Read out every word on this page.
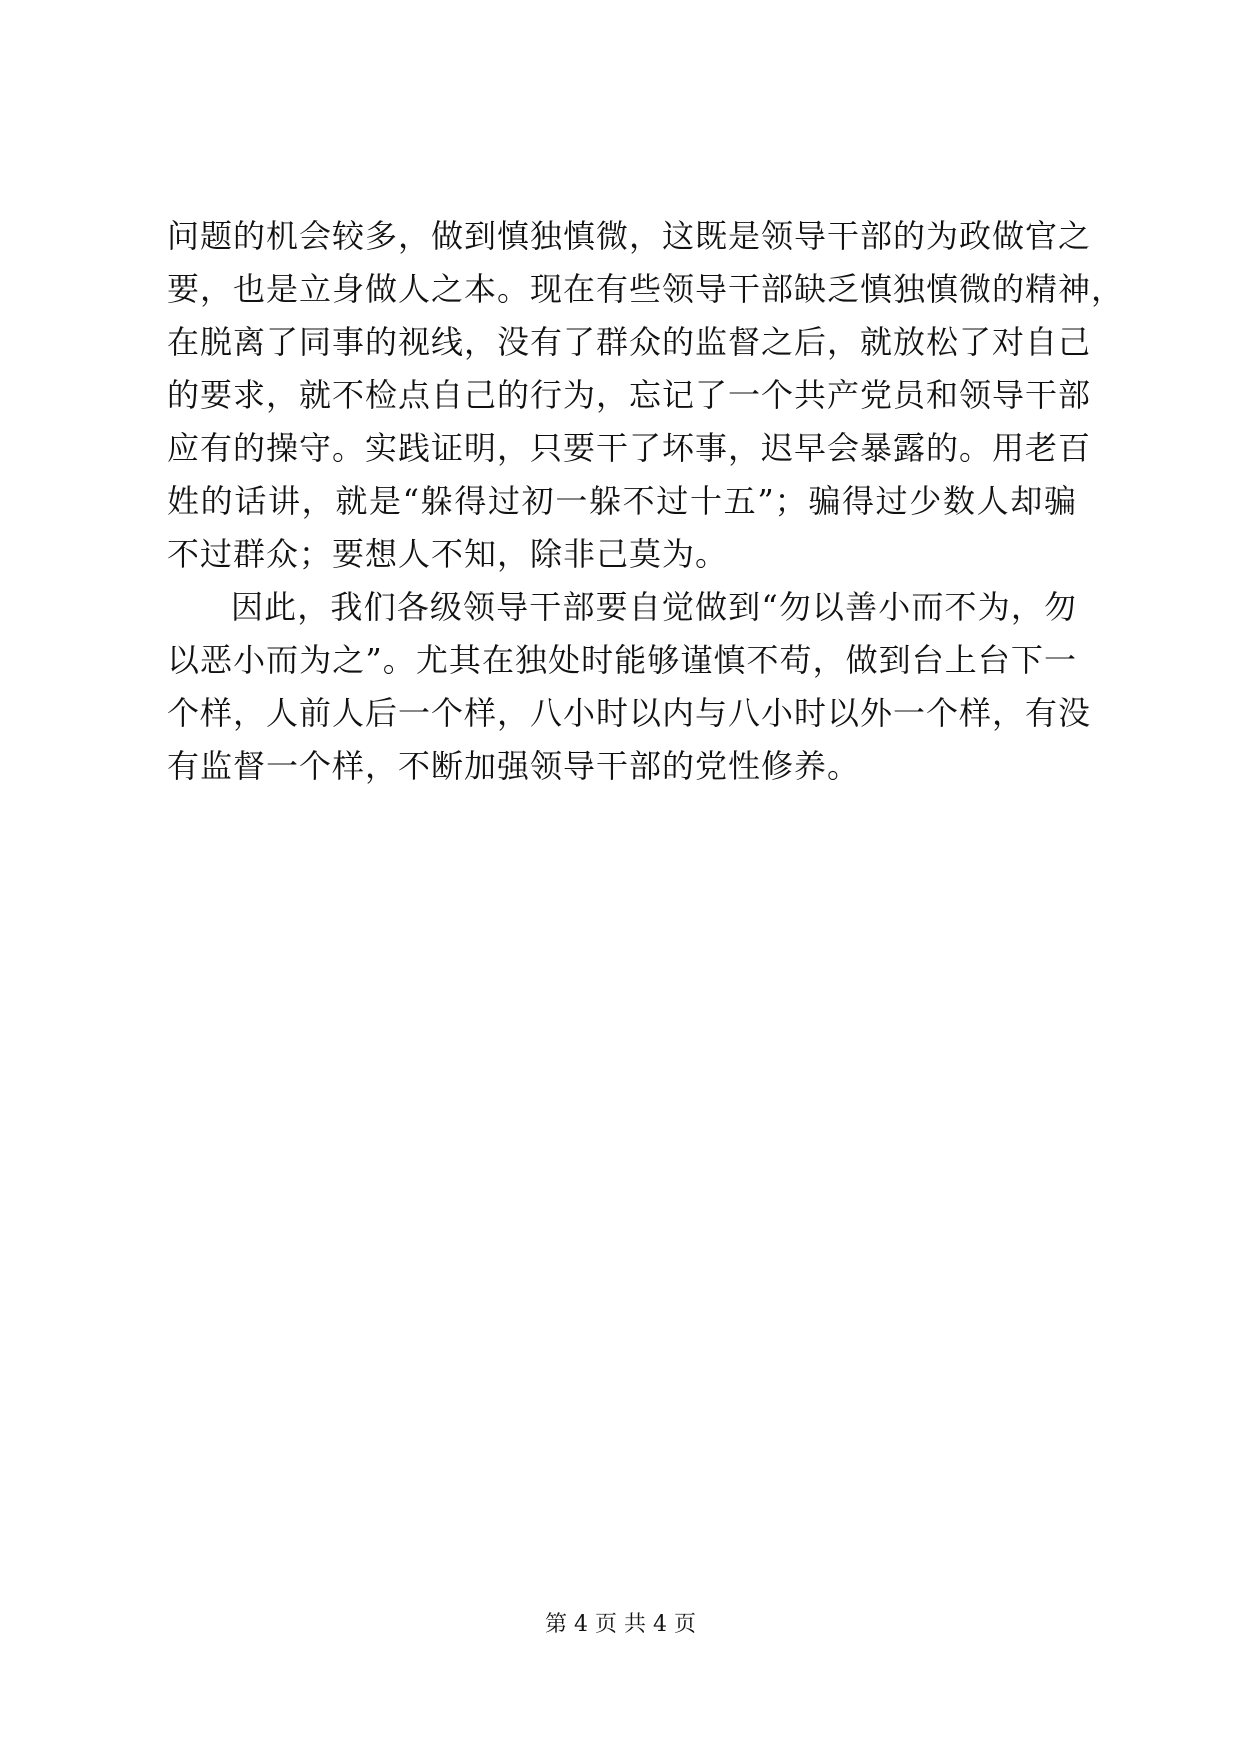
问题的机会较多，做到慎独慎微，这既是领导干部的为政做官之
要，也是立身做人之本。现在有些领导干部缺乏慎独慎微的精神，
在脱离了同事的视线，没有了群众的监督之后，就放松了对自己
的要求，就不检点自己的行为，忘记了一个共产党员和领导干部
应有的操守。实践证明，只要干了坏事，迟早会暴露的。用老百
姓的话讲，就是“躲得过初一躲不过十五”；骗得过少数人却骗
不过群众；要想人不知，除非己莫为。
因此，我们各级领导干部要自觉做到“勿以善小而不为，勿
以恶小而为之”。尤其在独处时能够谨慎不苟，做到台上台下一
个样，人前人后一个样，八小时以内与八小时以外一个样，有没
有监督一个样，不断加强领导干部的党性修养。
第 4 页 共 4 页
